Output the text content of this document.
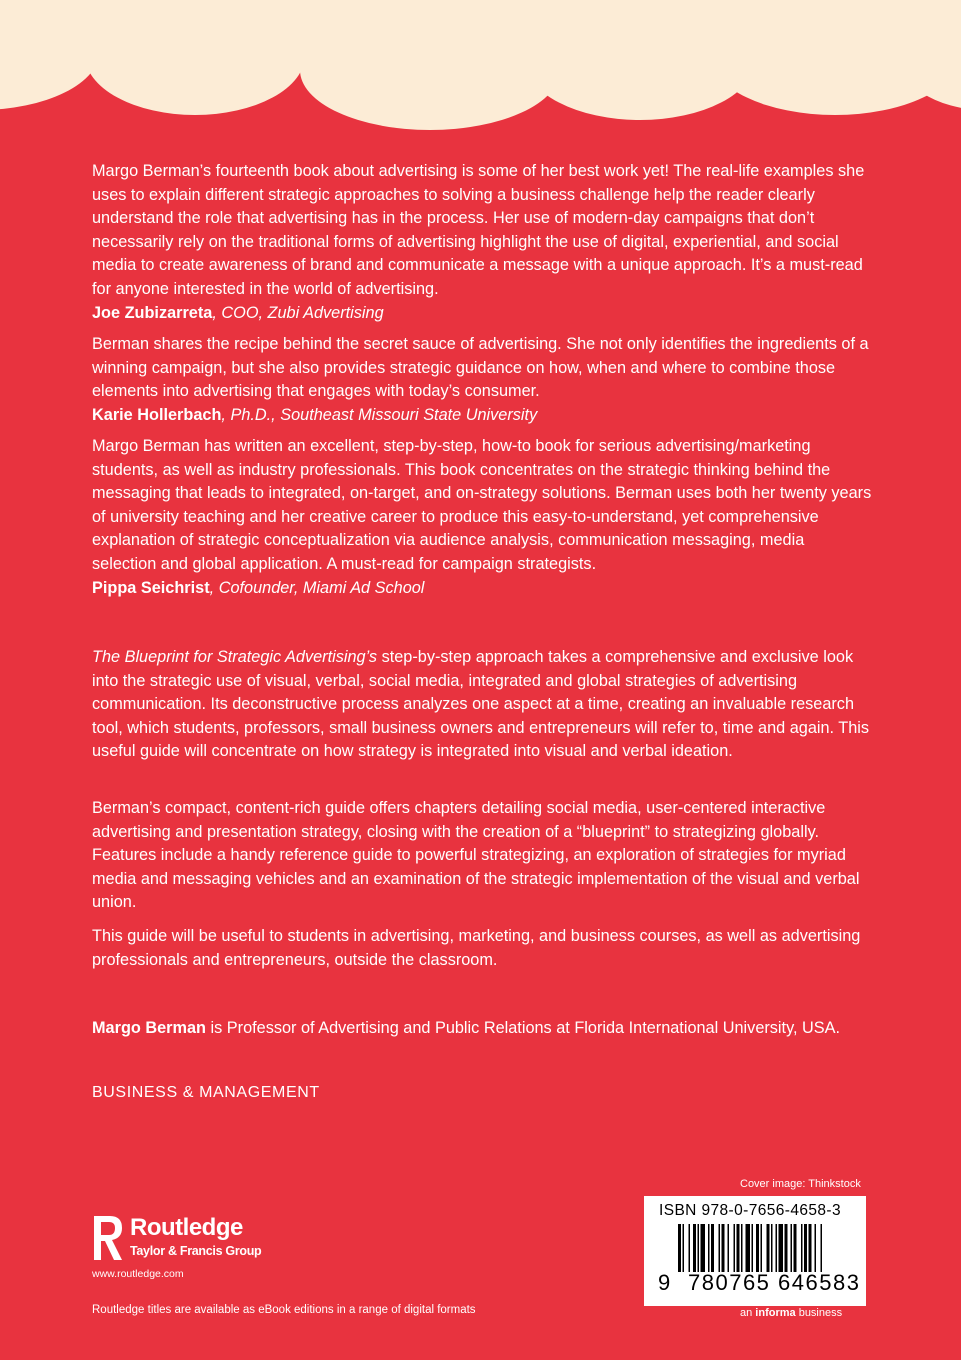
Margo Berman’s fourteenth book about advertising is some of her best work yet! The real-life examples she uses to explain different strategic approaches to solving a business challenge help the reader clearly understand the role that advertising has in the process. Her use of modern-day campaigns that don’t necessarily rely on the traditional forms of advertising highlight the use of digital, experiential, and social media to create awareness of brand and communicate a message with a unique approach. It’s a must-read for anyone interested in the world of advertising.
Joe Zubizarreta, COO, Zubi Advertising

Berman shares the recipe behind the secret sauce of advertising. She not only identifies the ingredients of a winning campaign, but she also provides strategic guidance on how, when and where to combine those elements into advertising that engages with today’s consumer.
Karie Hollerbach, Ph.D., Southeast Missouri State University

Margo Berman has written an excellent, step-by-step, how-to book for serious advertising/marketing students, as well as industry professionals. This book concentrates on the strategic thinking behind the messaging that leads to integrated, on-target, and on-strategy solutions. Berman uses both her twenty years of university teaching and her creative career to produce this easy-to-understand, yet comprehensive explanation of strategic conceptualization via audience analysis, communication messaging, media selection and global application. A must-read for campaign strategists.
Pippa Seichrist, Cofounder, Miami Ad School

The Blueprint for Strategic Advertising’s step-by-step approach takes a comprehensive and exclusive look into the strategic use of visual, verbal, social media, integrated and global strategies of advertising communication. Its deconstructive process analyzes one aspect at a time, creating an invaluable research tool, which students, professors, small business owners and entrepreneurs will refer to, time and again. This useful guide will concentrate on how strategy is integrated into visual and verbal ideation.

Berman’s compact, content-rich guide offers chapters detailing social media, user-centered interactive advertising and presentation strategy, closing with the creation of a “blueprint” to strategizing globally. Features include a handy reference guide to powerful strategizing, an exploration of strategies for myriad media and messaging vehicles and an examination of the strategic implementation of the visual and verbal union.

This guide will be useful to students in advertising, marketing, and business courses, as well as advertising professionals and entrepreneurs, outside the classroom.

Margo Berman is Professor of Advertising and Public Relations at Florida International University, USA.

BUSINESS & MANAGEMENT

Routledge
Taylor & Francis Group
www.routledge.com
Routledge titles are available as eBook editions in a range of digital formats
Cover image: Thinkstock
ISBN 978-0-7656-4658-3
9 780765 646583
an informa business
